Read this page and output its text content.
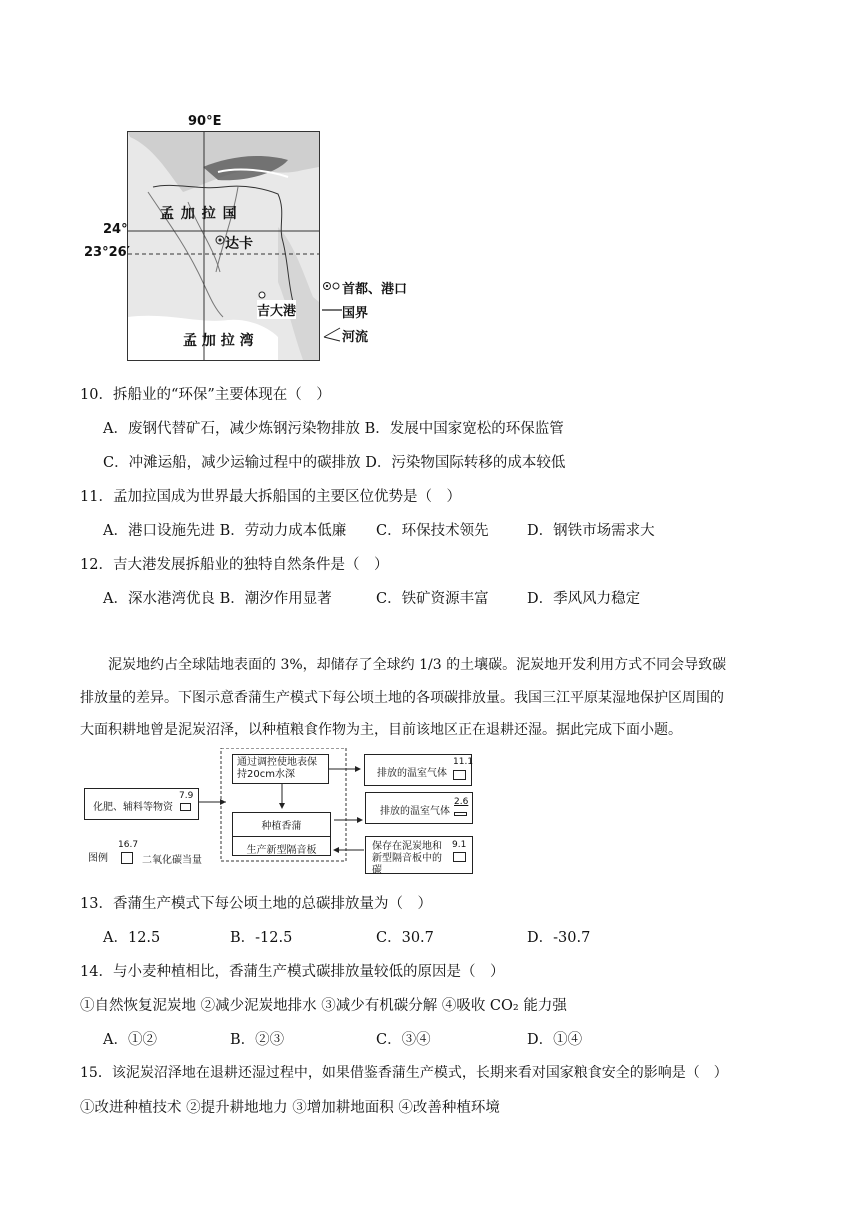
90°E
孟 加 拉 国
达卡
吉大港
孟 加 拉 湾
24°
23°26′
首都、港口
国界
河流
10．拆船业的“环保”主要体现在（　）
A．废钢代替矿石，减少炼钢污染物排放 B．发展中国家宽松的环保监管
C．冲滩运船，减少运输过程中的碳排放 D．污染物国际转移的成本较低
11．孟加拉国成为世界最大拆船国的主要区位优势是（　）
A．港口设施先进 B．劳动力成本低廉 C．环保技术领先	D．钢铁市场需求大
12．吉大港发展拆船业的独特自然条件是（　）
A．深水港湾优良 B．潮汐作用显著	C．铁矿资源丰富	D．季风风力稳定
泥炭地约占全球陆地表面的 3%，却储存了全球约 1/3 的土壤碳。泥炭地开发利用方式不同会导致碳
排放量的差异。下图示意香蒲生产模式下每公顷土地的各项碳排放量。我国三江平原某湿地保护区周围的
大面积耕地曾是泥炭沼泽，以种植粮食作物为主，目前该地区正在退耕还湿。据此完成下面小题。
化肥、辅料等物资
7.9
通过调控使地表保持20cm水深
种植香蒲
生产新型隔音板
排放的温室气体
11.1
排放的温室气体
2.6
保存在泥炭地和新型隔音板中的碳
9.1
图例
16.7
二氧化碳当量
13．香蒲生产模式下每公顷土地的总碳排放量为（　）
A．12.5	B．-12.5	C．30.7	D．-30.7
14．与小麦种植相比，香蒲生产模式碳排放量较低的原因是（　）
①自然恢复泥炭地 ②减少泥炭地排水 ③减少有机碳分解 ④吸收 CO₂ 能力强
A．①②	B．②③	C．③④	D．①④
15．该泥炭沼泽地在退耕还湿过程中，如果借鉴香蒲生产模式，长期来看对国家粮食安全的影响是（　）
①改进种植技术 ②提升耕地地力 ③增加耕地面积 ④改善种植环境
